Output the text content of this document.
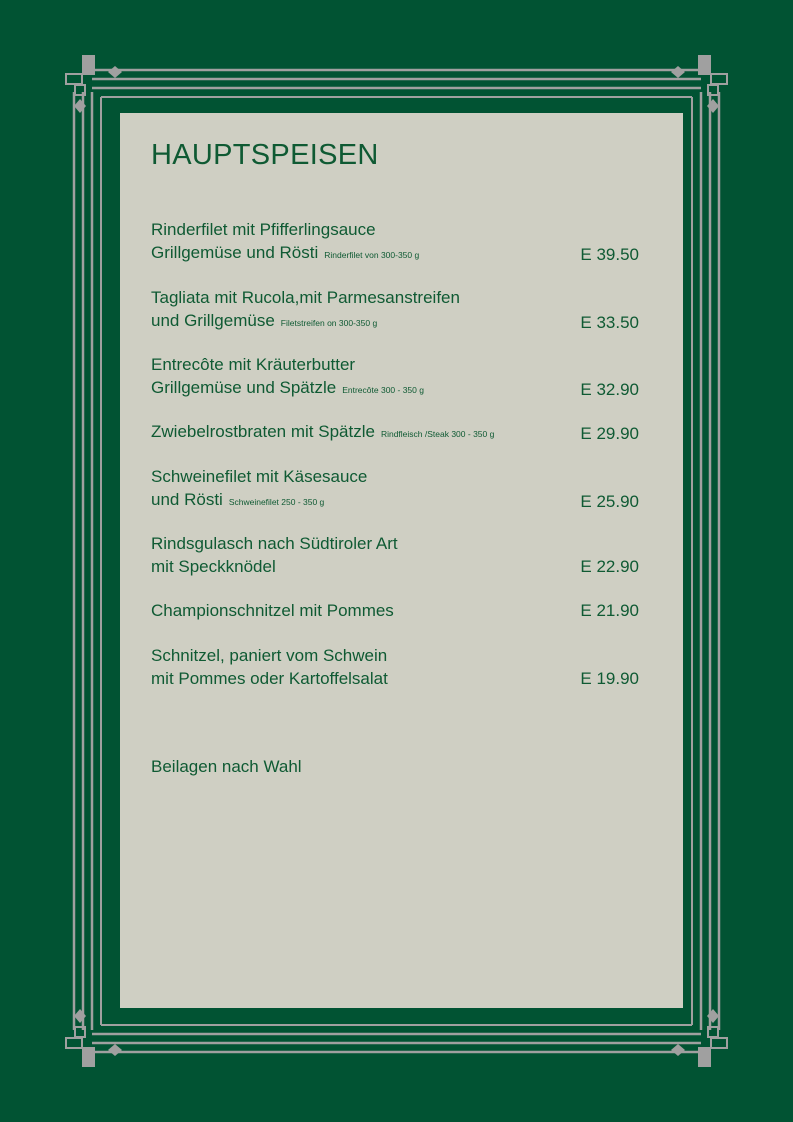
HAUPTSPEISEN
Rinderfilet mit Pfifferlingsauce
Grillgemüse und Rösti Rinderfilet von 300-350 g	E 39.50
Tagliata mit Rucola,mit Parmesanstreifen
und Grillgemüse Filetstreifen on 300-350 g	E 33.50
Entrecôte mit Kräuterbutter
Grillgemüse und Spätzle Entrecôte 300 - 350 g	E 32.90
Zwiebelrostbraten mit Spätzle Rindfleisch /Steak 300 - 350 g	E 29.90
Schweinefilet mit Käsesauce
und Rösti Schweinefilet 250 - 350 g	E 25.90
Rindsgulasch nach Südtiroler Art
mit Speckknödel	E 22.90
Championschnitzel mit Pommes	E 21.90
Schnitzel, paniert vom Schwein
mit Pommes oder Kartoffelsalat	E 19.90
Beilagen nach Wahl
